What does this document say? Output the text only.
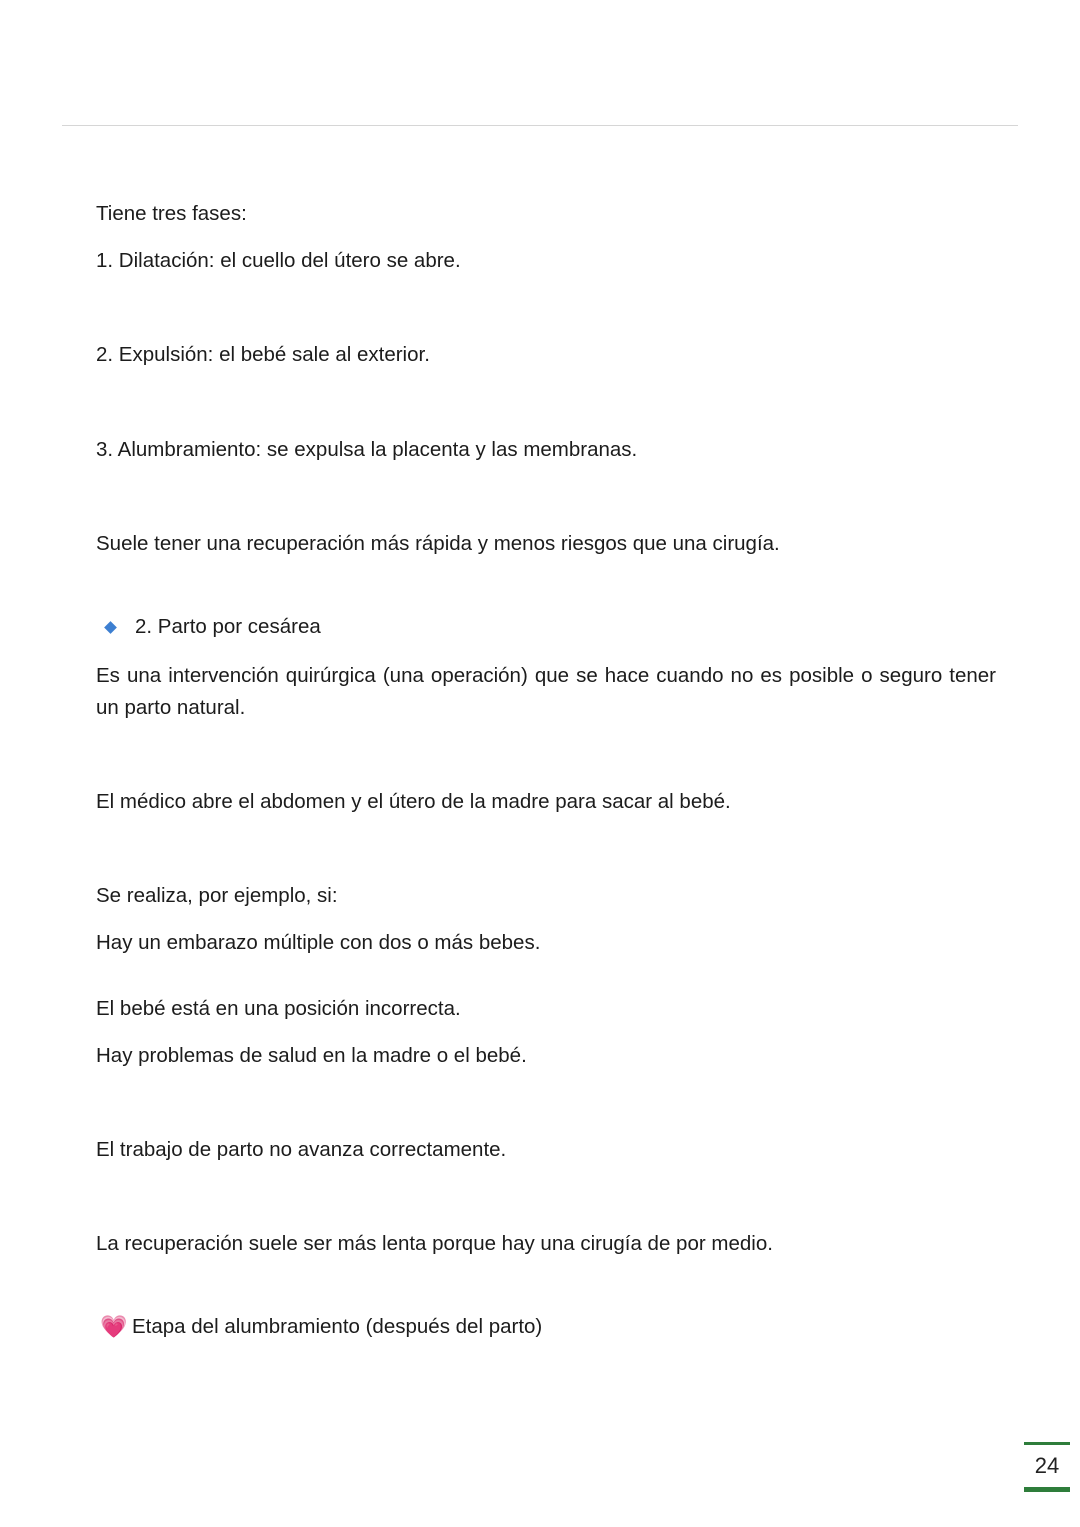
Tiene tres fases:
1. Dilatación: el cuello del útero se abre.
2. Expulsión: el bebé sale al exterior.
3. Alumbramiento: se expulsa la placenta y las membranas.
Suele tener una recuperación más rápida y menos riesgos que una cirugía.
2. Parto por cesárea
Es una intervención quirúrgica (una operación) que se hace cuando no es posible o seguro tener un parto natural.
El médico abre el abdomen y el útero de la madre para sacar al bebé.
Se realiza, por ejemplo, si:
Hay un embarazo múltiple con dos o más bebes.
El bebé está en una posición incorrecta.
Hay problemas de salud en la madre o el bebé.
El trabajo de parto no avanza correctamente.
La recuperación suele ser más lenta porque hay una cirugía de por medio.
💗 Etapa del alumbramiento (después del parto)
24
